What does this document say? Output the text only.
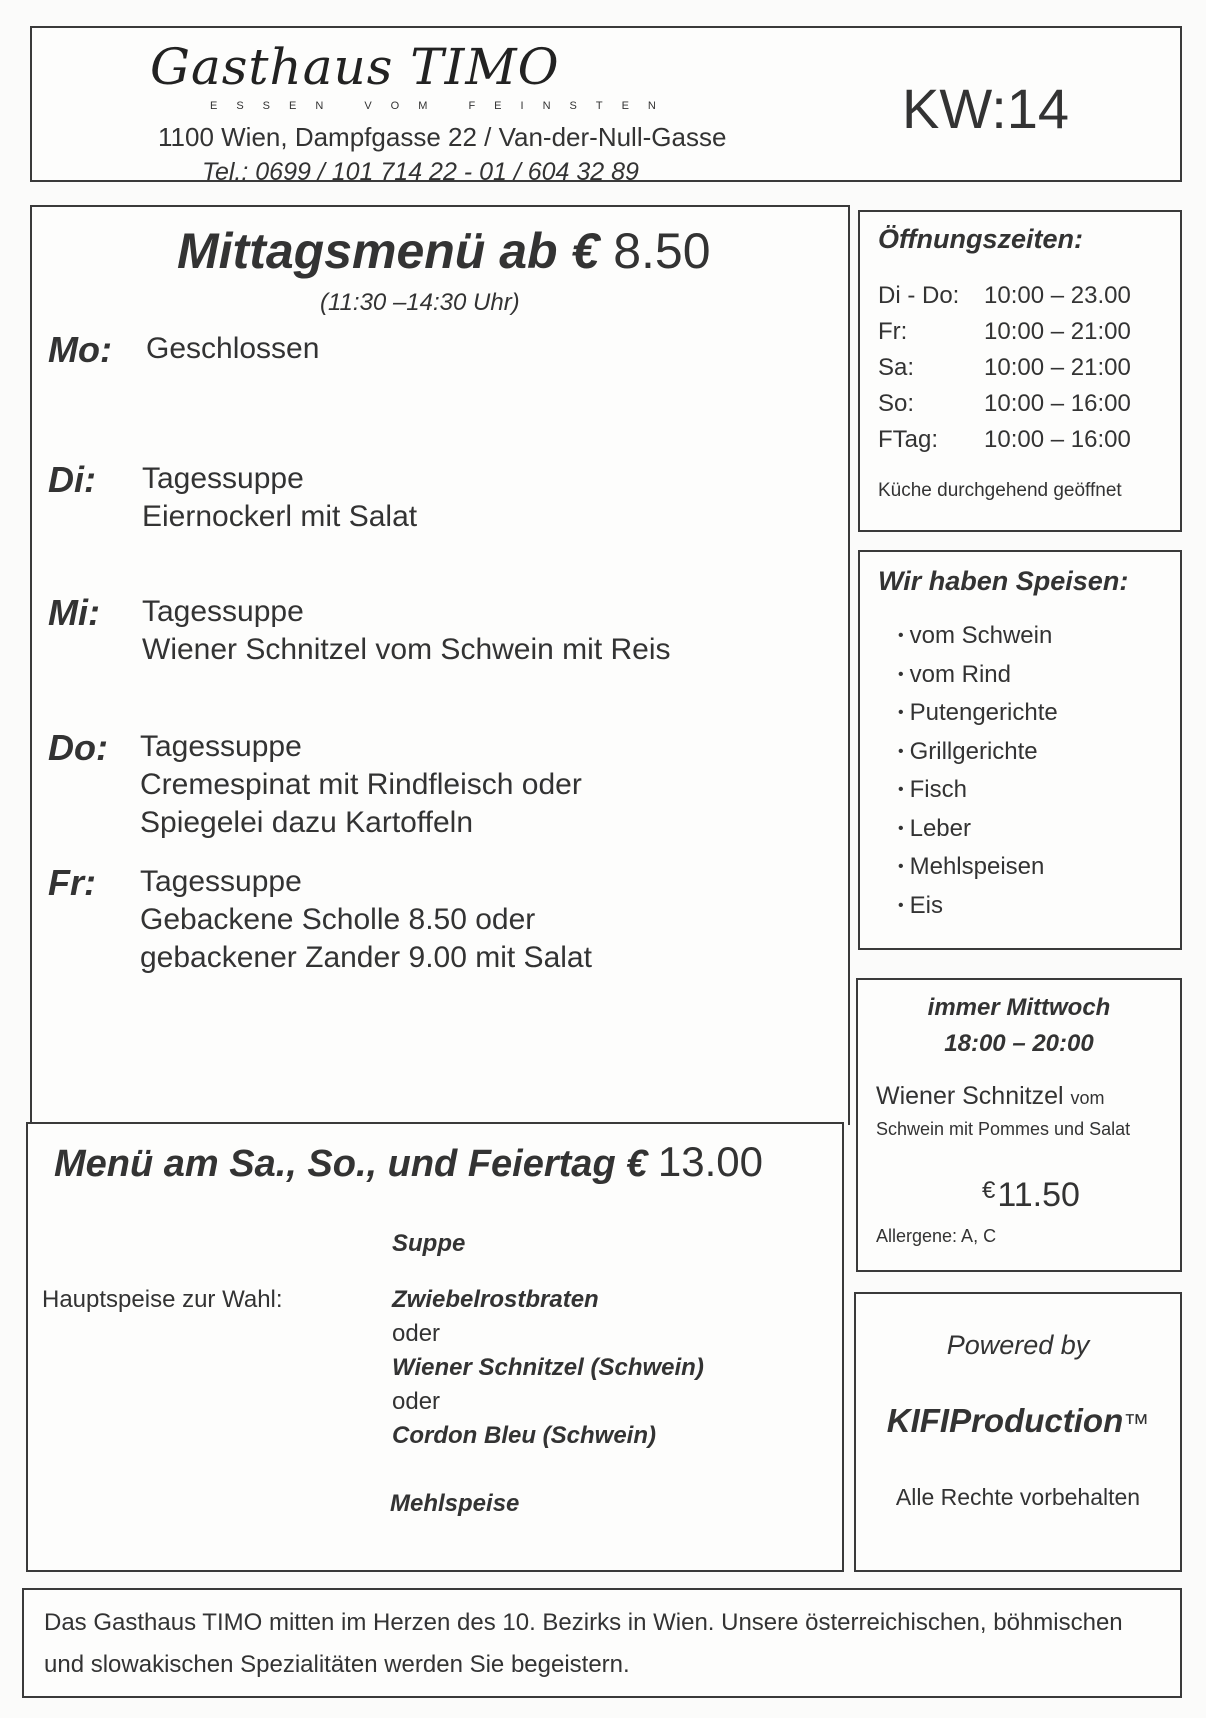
Gasthaus TIMO
ESSEN VOM FEINSTEN
1100 Wien, Dampfgasse 22 / Van-der-Null-Gasse
Tel.: 0699 / 101 714 22 - 01 / 604 32 89
KW:14
Mittagsmenü ab € 8.50
(11:30 –14:30 Uhr)
Mo: Geschlossen
Di: Tagessuppe
Eiernockerl mit Salat
Mi: Tagessuppe
Wiener Schnitzel vom Schwein mit Reis
Do: Tagessuppe
Cremespinat mit Rindfleisch oder
Spiegelei dazu Kartoffeln
Fr: Tagessuppe
Gebackene Scholle 8.50 oder
gebackener Zander 9.00 mit Salat
Menü am Sa., So., und Feiertag € 13.00
Suppe
Hauptspeise zur Wahl:	Zwiebelrostbraten
oder
Wiener Schnitzel (Schwein)
oder
Cordon Bleu (Schwein)
Mehlspeise
Öffnungszeiten:
Di - Do: 10:00 – 23.00
Fr:	10:00 – 21:00
Sa:	10:00 – 21:00
So:	10:00 – 16:00
FTag: 10:00 – 16:00
Küche durchgehend geöffnet
Wir haben Speisen:
• vom Schwein
• vom Rind
• Putengerichte
• Grillgerichte
• Fisch
• Leber
• Mehlspeisen
• Eis
immer Mittwoch
18:00 – 20:00
Wiener Schnitzel vom
Schwein mit Pommes und Salat
€11.50
Allergene: A, C
Powered by
KIFIProduction™
Alle Rechte vorbehalten
Das Gasthaus TIMO mitten im Herzen des 10. Bezirks in Wien. Unsere österreichischen, böhmischen und slowakischen Spezialitäten werden Sie begeistern.
